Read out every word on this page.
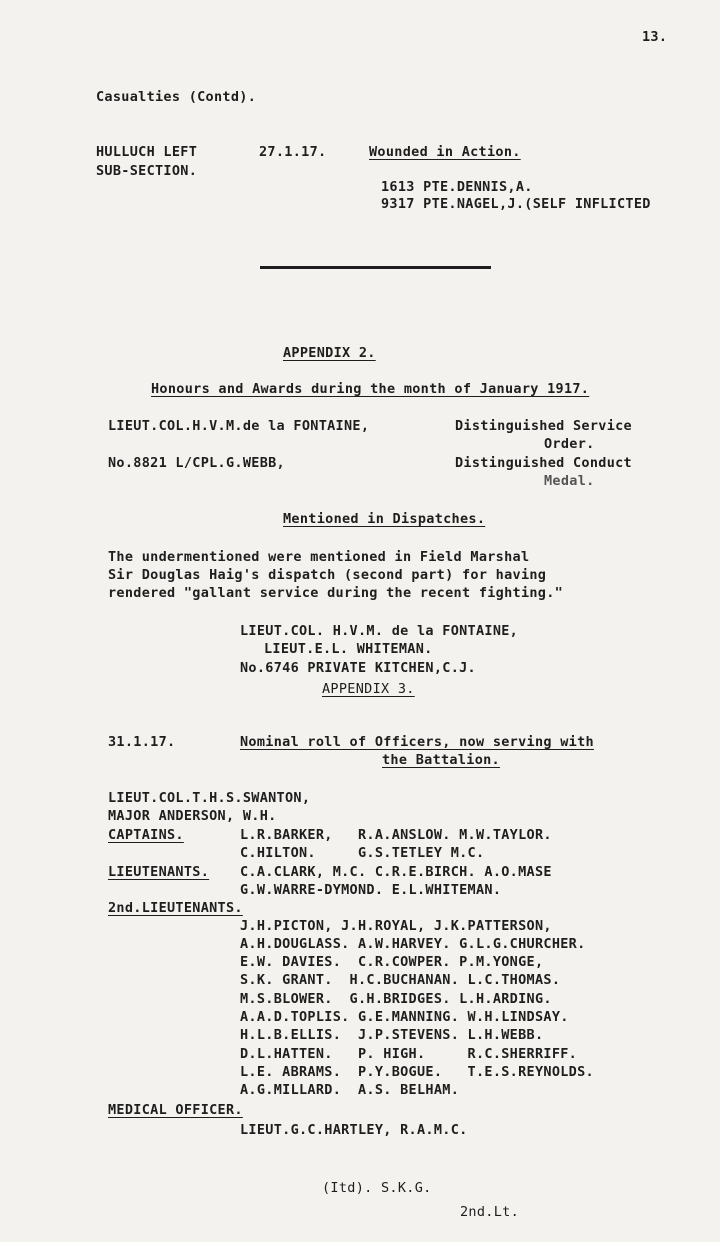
13.
Casualties (Contd).
HULLUCH LEFT
SUB-SECTION.
27.1.17.	Wounded in Action.
1613 PTE.DENNIS,A.
9317 PTE.NAGEL,J.(SELF INFLICTED
APPENDIX 2.
Honours and Awards during the month of January 1917.
LIEUT.COL.H.V.M.de la FONTAINE,	Distinguished Service
Order.
No.8821 L/CPL.G.WEBB,	Distinguished Conduct
Medal.
Mentioned in Dispatches.
The undermentioned were mentioned in Field Marshal
Sir Douglas Haig's dispatch (second part) for having
rendered "gallant service during the recent fighting."
LIEUT.COL. H.V.M. de la FONTAINE,
LIEUT.E.L. WHITEMAN.
No.6746 PRIVATE KITCHEN,C.J.
APPENDIX 3.
31.1.17.	Nominal roll of Officers, now serving with
the Battalion.
LIEUT.COL.T.H.S.SWANTON,
MAJOR ANDERSON, W.H.
CAPTAINS.	L.R.BARKER,   R.A.ANSLOW. M.W.TAYLOR.
C.HILTON.     G.S.TETLEY M.C.
LIEUTENANTS. C.A.CLARK, M.C. C.R.E.BIRCH. A.O.MASE
G.W.WARRE-DYMOND. E.L.WHITEMAN.
2nd.LIEUTENANTS.
J.H.PICTON, J.H.ROYAL, J.K.PATTERSON,
A.H.DOUGLASS. A.W.HARVEY. G.L.G.CHURCHER.
E.W. DAVIES.  C.R.COWPER. P.M.YONGE,
S.K. GRANT.  H.C.BUCHANAN. L.C.THOMAS.
M.S.BLOWER.  G.H.BRIDGES. L.H.ARDING.
A.A.D.TOPLIS. G.E.MANNING. W.H.LINDSAY.
H.L.B.ELLIS.  J.P.STEVENS. L.H.WEBB.
D.L.HATTEN.   P. HIGH.     R.C.SHERRIFF.
L.E. ABRAMS.  P.Y.BOGUE.   T.E.S.REYNOLDS.
A.G.MILLARD.  A.S. BELHAM.
MEDICAL OFFICER.
LIEUT.G.C.HARTLEY, R.A.M.C.
(Itd). S.K.G.
2nd.Lt.
